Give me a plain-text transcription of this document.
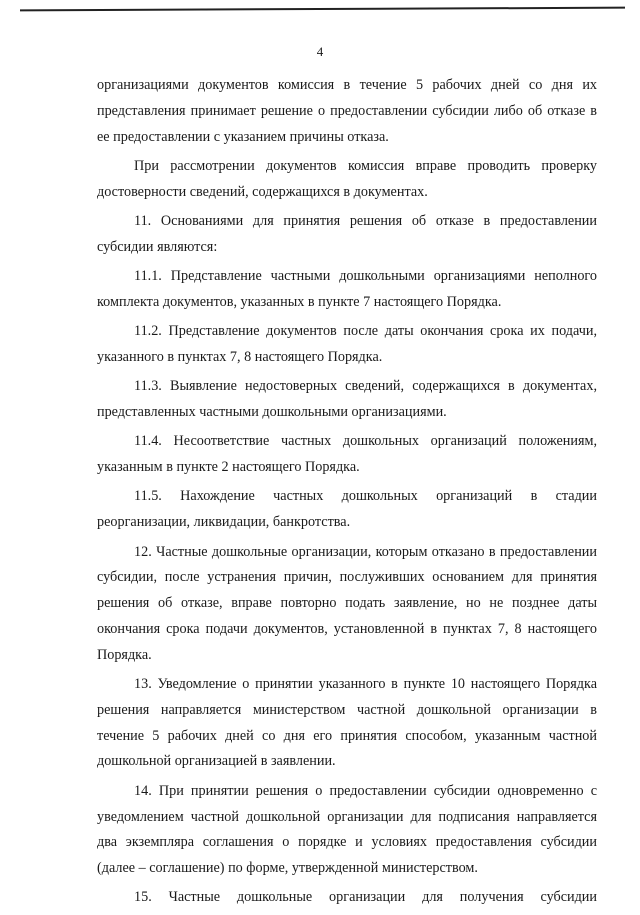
4

организациями документов комиссия в течение 5 рабочих дней со дня их представления принимает решение о предоставлении субсидии либо об отказе в ее предоставлении с указанием причины отказа.

При рассмотрении документов комиссия вправе проводить проверку достоверности сведений, содержащихся в документах.

11. Основаниями для принятия решения об отказе в предоставлении субсидии являются:

11.1. Представление частными дошкольными организациями неполного комплекта документов, указанных в пункте 7 настоящего Порядка.

11.2. Представление документов после даты окончания срока их подачи, указанного в пунктах 7, 8 настоящего Порядка.

11.3. Выявление недостоверных сведений, содержащихся в документах, представленных частными дошкольными организациями.

11.4. Несоответствие частных дошкольных организаций положениям, указанным в пункте 2 настоящего Порядка.

11.5. Нахождение частных дошкольных организаций в стадии реорганизации, ликвидации, банкротства.

12. Частные дошкольные организации, которым отказано в предоставлении субсидии, после устранения причин, послуживших основанием для принятия решения об отказе, вправе повторно подать заявление, но не позднее даты окончания срока подачи документов, установленной в пунктах 7, 8 настоящего Порядка.

13. Уведомление о принятии указанного в пункте 10 настоящего Порядка решения направляется министерством частной дошкольной организации в течение 5 рабочих дней со дня его принятия способом, указанным частной дошкольной организацией в заявлении.

14. При принятии решения о предоставлении субсидии одновременно с уведомлением частной дошкольной организации для подписания направляется два экземпляра соглашения о порядке и условиях предоставления субсидии (далее – соглашение) по форме, утвержденной министерством.

15. Частные дошкольные организации для получения субсидии
